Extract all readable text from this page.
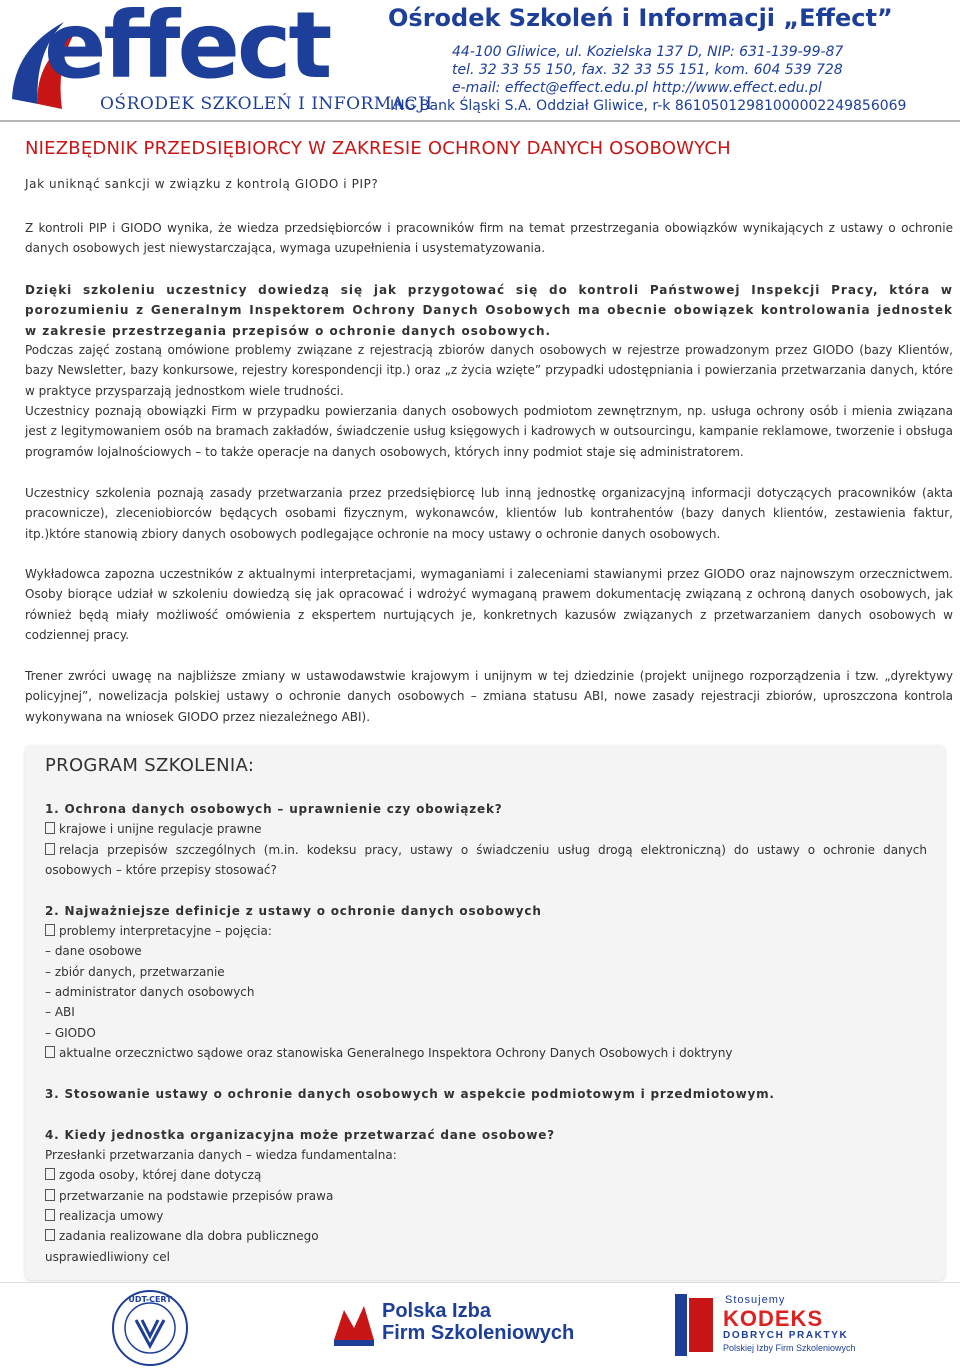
effect
OŚRODEK SZKOLEŃ I INFORMACJI
Ośrodek Szkoleń i Informacji „Effect”
44-100 Gliwice, ul. Kozielska 137 D, NIP: 631-139-99-87
tel. 32 33 55 150, fax. 32 33 55 151, kom. 604 539 728
e-mail: effect@effect.edu.pl http://www.effect.edu.pl
ING Bank Śląski S.A. Oddział Gliwice, r-k 86105012981000002249856069
NIEZBĘDNIK PRZEDSIĘBIORCY W ZAKRESIE OCHRONY DANYCH OSOBOWYCH
Jak uniknąć sankcji w związku z kontrolą GIODO i PIP?

Z kontroli PIP i GIODO wynika, że wiedza przedsiębiorców i pracowników firm na temat przestrzegania obowiązków wynikających z ustawy o ochronie danych osobowych jest niewystarczająca, wymaga uzupełnienia i usystematyzowania.

Dzięki szkoleniu uczestnicy dowiedzą się jak przygotować się do kontroli Państwowej Inspekcji Pracy, która w porozumieniu z Generalnym Inspektorem Ochrony Danych Osobowych ma obecnie obowiązek kontrolowania jednostek w zakresie przestrzegania przepisów o ochronie danych osobowych.

Podczas zajęć zostaną omówione problemy związane z rejestracją zbiorów danych osobowych w rejestrze prowadzonym przez GIODO (bazy Klientów, bazy Newsletter, bazy konkursowe, rejestry korespondencji itp.) oraz „z życia wzięte” przypadki udostępniania i powierzania przetwarzania danych, które w praktyce przysparzają jednostkom wiele trudności.

Uczestnicy poznają obowiązki Firm w przypadku powierzania danych osobowych podmiotom zewnętrznym, np. usługa ochrony osób i mienia związana jest z legitymowaniem osób na bramach zakładów, świadczenie usług księgowych i kadrowych w outsourcingu, kampanie reklamowe, tworzenie i obsługa programów lojalnościowych – to także operacje na danych osobowych, których inny podmiot staje się administratorem.

Uczestnicy szkolenia poznają zasady przetwarzania przez przedsiębiorcę lub inną jednostkę organizacyjną informacji dotyczących pracowników (akta pracownicze), zleceniobiorców będących osobami fizycznym, wykonawców, klientów lub kontrahentów (bazy danych klientów, zestawienia faktur, itp.)które stanowią zbiory danych osobowych podlegające ochronie na mocy ustawy o ochronie danych osobowych.

Wykładowca zapozna uczestników z aktualnymi interpretacjami, wymaganiami i zaleceniami stawianymi przez GIODO oraz najnowszym orzecznictwem. Osoby biorące udział w szkoleniu dowiedzą się jak opracować i wdrożyć wymaganą prawem dokumentację związaną z ochroną danych osobowych, jak również będą miały możliwość omówienia z ekspertem nurtujących je, konkretnych kazusów związanych z przetwarzaniem danych osobowych w codziennej pracy.

Trener zwróci uwagę na najbliższe zmiany w ustawodawstwie krajowym i unijnym w tej dziedzinie (projekt unijnego rozporządzenia i tzw. „dyrektywy policyjnej”, nowelizacja polskiej ustawy o ochronie danych osobowych – zmiana statusu ABI, nowe zasady rejestracji zbiorów, uproszczona kontrola wykonywana na wniosek GIODO przez niezależnego ABI).

PROGRAM SZKOLENIA:
1. Ochrona danych osobowych – uprawnienie czy obowiązek?
krajowe i unijne regulacje prawne
relacja przepisów szczególnych (m.in. kodeksu pracy, ustawy o świadczeniu usług drogą elektroniczną) do ustawy o ochronie danych osobowych – które przepisy stosować?
2. Najważniejsze definicje z ustawy o ochronie danych osobowych
problemy interpretacyjne – pojęcia:
– dane osobowe
– zbiór danych, przetwarzanie
– administrator danych osobowych
– ABI
– GIODO
aktualne orzecznictwo sądowe oraz stanowiska Generalnego Inspektora Ochrony Danych Osobowych i doktryny
3. Stosowanie ustawy o ochronie danych osobowych w aspekcie podmiotowym i przedmiotowym.
4. Kiedy jednostka organizacyjna może przetwarzać dane osobowe?
Przesłanki przetwarzania danych – wiedza fundamentalna:
zgoda osoby, której dane dotyczą
przetwarzanie na podstawie przepisów prawa
realizacja umowy
zadania realizowane dla dobra publicznego
usprawiedliwiony cel
UDT-CERT
Polska Izba
Firm Szkoleniowych
Stosujemy
KODEKS
DOBRYCH PRAKTYK
Polskiej Izby Firm Szkoleniowych
